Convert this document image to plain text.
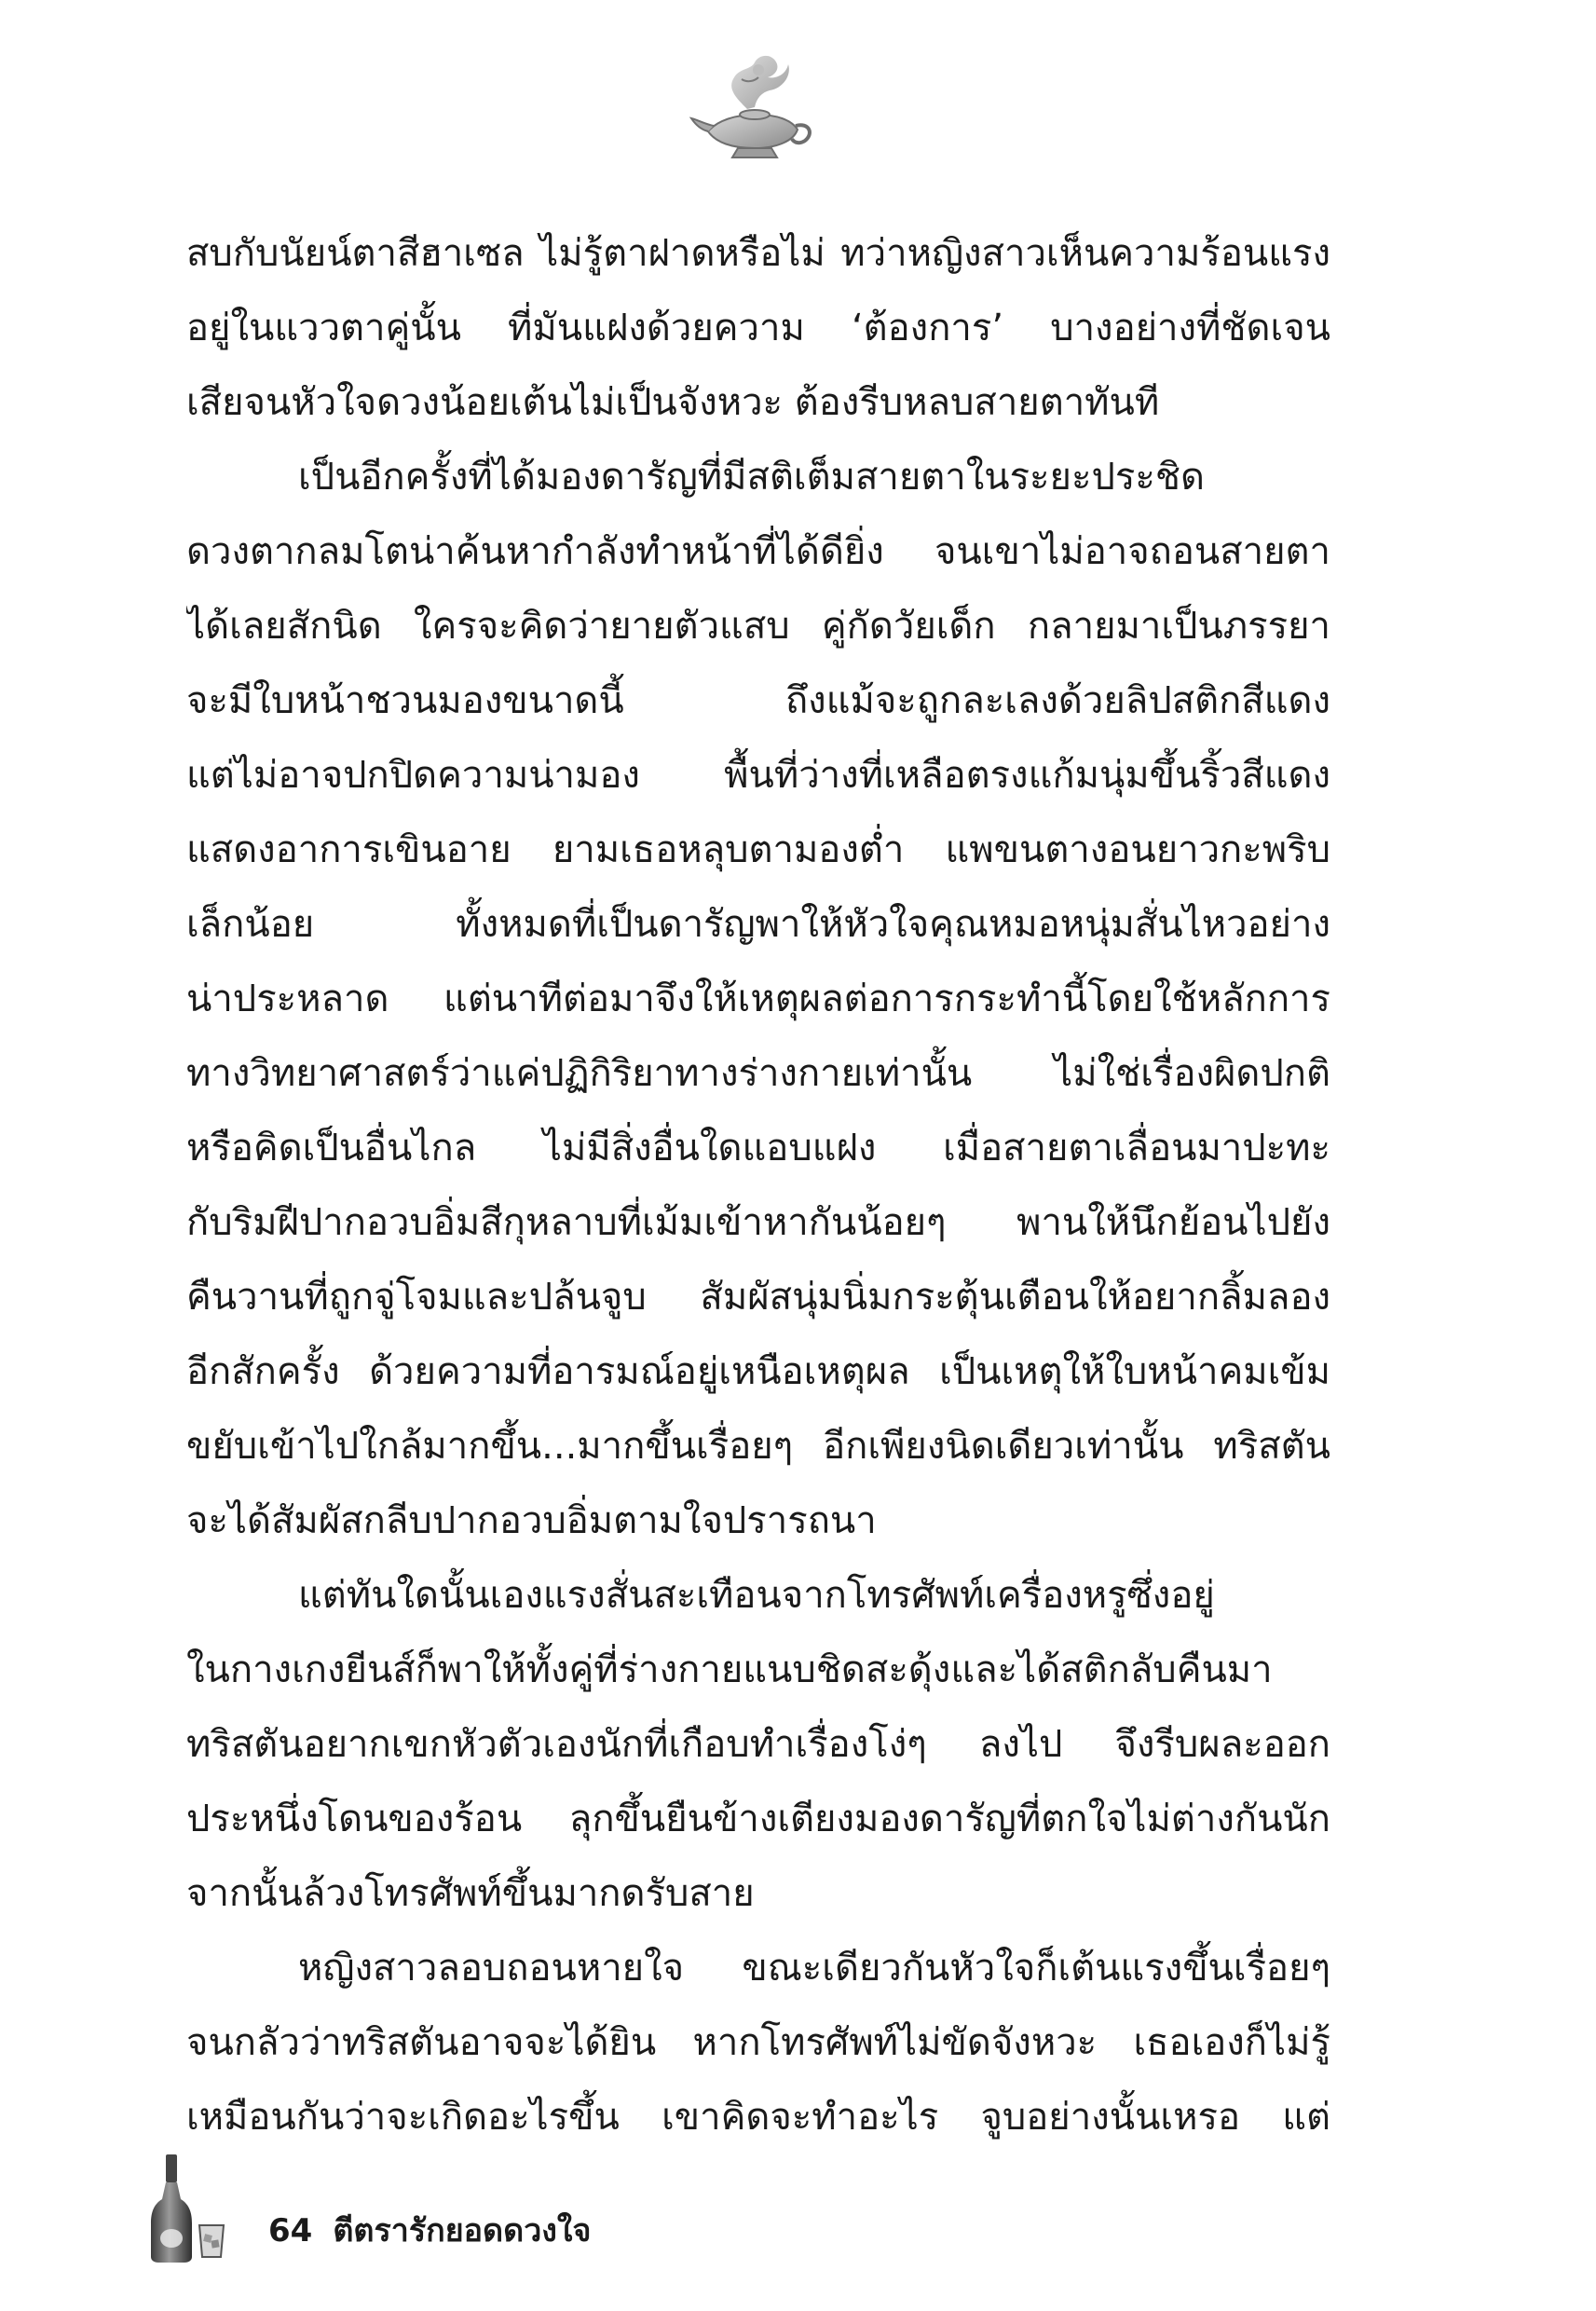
สบกับนัยน์ตาสีฮาเซล ไม่รู้ตาฝาดหรือไม่ ทว่าหญิงสาวเห็นความร้อนแรง
อยู่ในแววตาคู่นั้น ที่มันแฝงด้วยความ ‘ต้องการ’ บางอย่างที่ชัดเจน
เสียจนหัวใจดวงน้อยเต้นไม่เป็นจังหวะ ต้องรีบหลบสายตาทันที
เป็นอีกครั้งที่ได้มองดารัญที่มีสติเต็มสายตาในระยะประชิด
ดวงตากลมโตน่าค้นหากำลังทำหน้าที่ได้ดียิ่ง จนเขาไม่อาจถอนสายตา
ได้เลยสักนิด ใครจะคิดว่ายายตัวแสบ คู่กัดวัยเด็ก กลายมาเป็นภรรยา
จะมีใบหน้าชวนมองขนาดนี้ ถึงแม้จะถูกละเลงด้วยลิปสติกสีแดง
แต่ไม่อาจปกปิดความน่ามอง พื้นที่ว่างที่เหลือตรงแก้มนุ่มขึ้นริ้วสีแดง
แสดงอาการเขินอาย ยามเธอหลุบตามองต่ำ แพขนตางอนยาวกะพริบ
เล็กน้อย ทั้งหมดที่เป็นดารัญพาให้หัวใจคุณหมอหนุ่มสั่นไหวอย่าง
น่าประหลาด แต่นาทีต่อมาจึงให้เหตุผลต่อการกระทำนี้โดยใช้หลักการ
ทางวิทยาศาสตร์ว่าแค่ปฏิกิริยาทางร่างกายเท่านั้น ไม่ใช่เรื่องผิดปกติ
หรือคิดเป็นอื่นไกล ไม่มีสิ่งอื่นใดแอบแฝง เมื่อสายตาเลื่อนมาปะทะ
กับริมฝีปากอวบอิ่มสีกุหลาบที่เม้มเข้าหากันน้อยๆ พานให้นึกย้อนไปยัง
คืนวานที่ถูกจู่โจมและปล้นจูบ สัมผัสนุ่มนิ่มกระตุ้นเตือนให้อยากลิ้มลอง
อีกสักครั้ง ด้วยความที่อารมณ์อยู่เหนือเหตุผล เป็นเหตุให้ใบหน้าคมเข้ม
ขยับเข้าไปใกล้มากขึ้น...มากขึ้นเรื่อยๆ อีกเพียงนิดเดียวเท่านั้น ทริสตัน
จะได้สัมผัสกลีบปากอวบอิ่มตามใจปรารถนา
แต่ทันใดนั้นเองแรงสั่นสะเทือนจากโทรศัพท์เครื่องหรูซึ่งอยู่
ในกางเกงยีนส์ก็พาให้ทั้งคู่ที่ร่างกายแนบชิดสะดุ้งและได้สติกลับคืนมา
ทริสตันอยากเขกหัวตัวเองนักที่เกือบทำเรื่องโง่ๆ ลงไป จึงรีบผละออก
ประหนึ่งโดนของร้อน ลุกขึ้นยืนข้างเตียงมองดารัญที่ตกใจไม่ต่างกันนัก
จากนั้นล้วงโทรศัพท์ขึ้นมากดรับสาย
หญิงสาวลอบถอนหายใจ ขณะเดียวกันหัวใจก็เต้นแรงขึ้นเรื่อยๆ
จนกลัวว่าทริสตันอาจจะได้ยิน หากโทรศัพท์ไม่ขัดจังหวะ เธอเองก็ไม่รู้
เหมือนกันว่าจะเกิดอะไรขึ้น เขาคิดจะทำอะไร จูบอย่างนั้นเหรอ แต่
64 ตีตรารักยอดดวงใจ
